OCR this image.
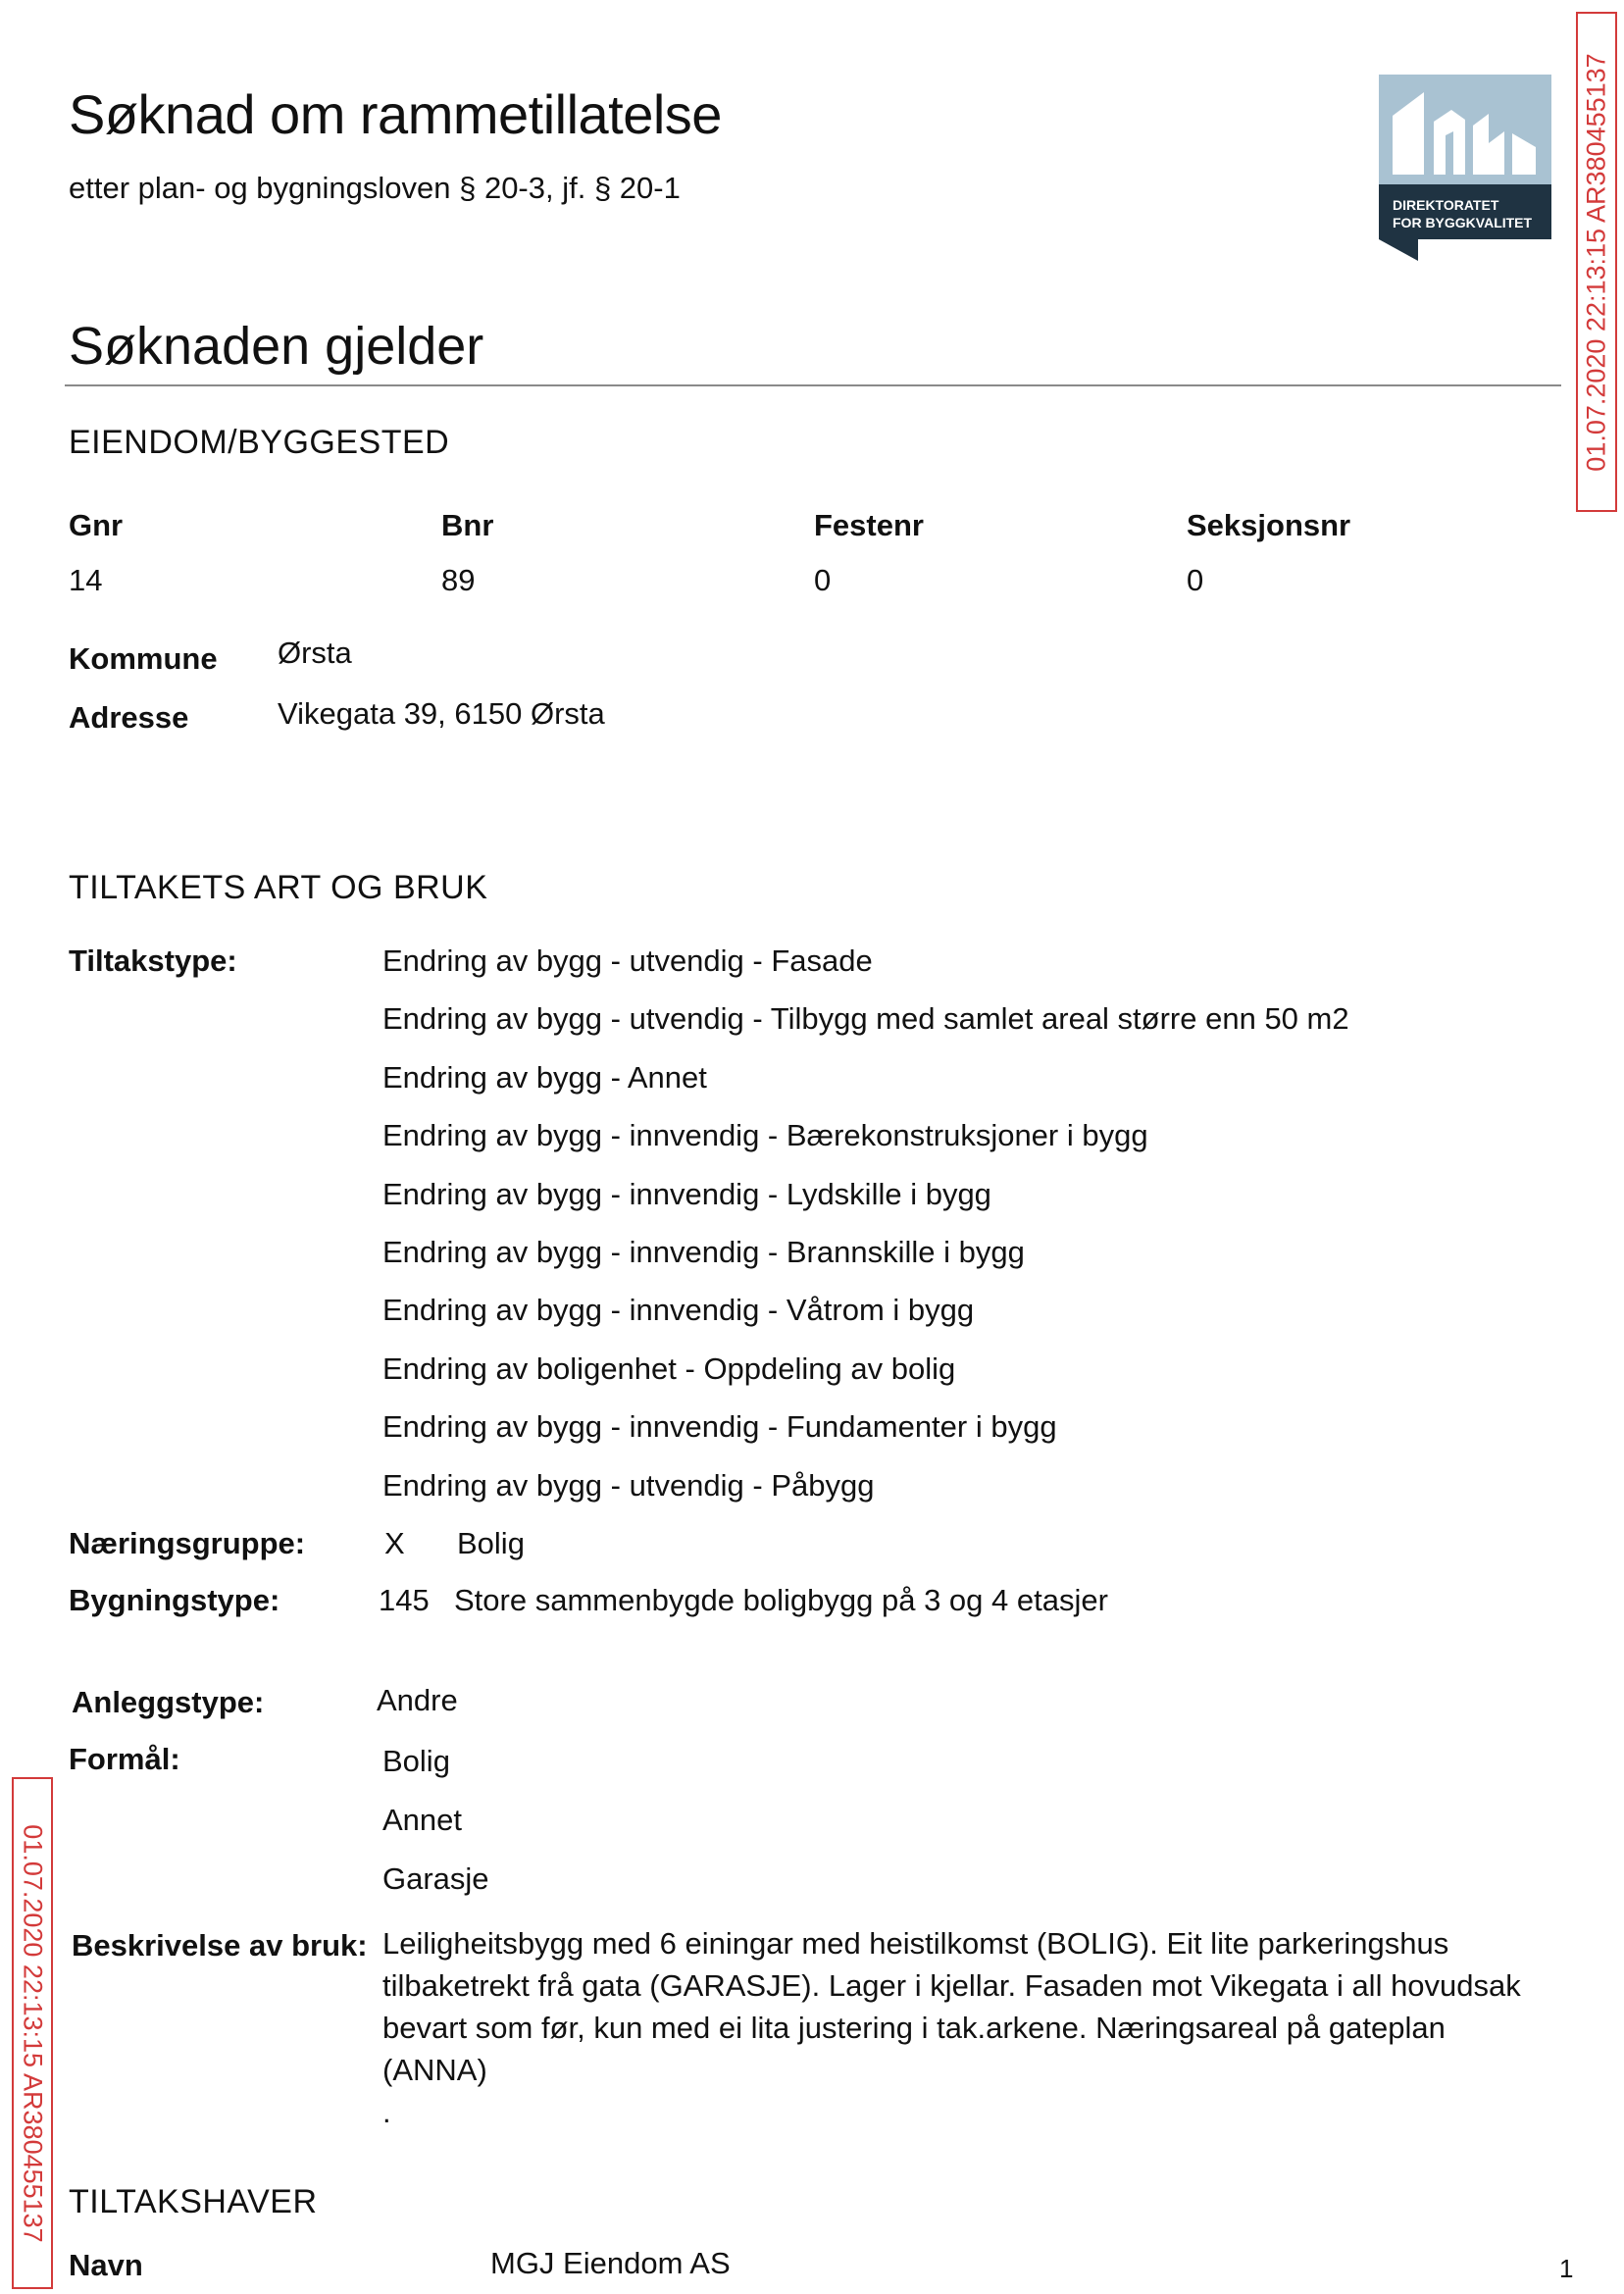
Søknad om rammetillatelse
etter plan- og bygningsloven § 20-3, jf. § 20-1	DIREKTORATET
FOR BYGGKVALITET 01.07.2020 22:13:15 AR380455137
01.07.2020 22:13:15 AR380455137
Søknaden gjelder
EIENDOM/BYGGESTED
Gnr	Bnr	Festenr	Seksjonsnr
14	89	0	0
Kommune Ørsta
Adresse	Vikegata 39, 6150 Ørsta
TILTAKETS ART OG BRUK
Tiltakstype:	Endring av bygg - utvendig - Fasade
Endring av bygg - utvendig - Tilbygg med samlet areal større enn 50 m2
Endring av bygg - Annet
Endring av bygg - innvendig - Bærekonstruksjoner i bygg
Endring av bygg - innvendig - Lydskille i bygg
Endring av bygg - innvendig - Brannskille i bygg
Endring av bygg - innvendig - Våtrom i bygg
Endring av boligenhet - Oppdeling av bolig
Endring av bygg - innvendig - Fundamenter i bygg
Endring av bygg - utvendig - Påbygg
Næringsgruppe:	X Bolig
Bygningstype:	145 Store sammenbygde boligbygg på 3 og 4 etasjer
Anleggstype:	Andre
Formål:	Bolig
Annet
Garasje
Beskrivelse av bruk: Leiligheitsbygg med 6 einingar med heistilkomst (BOLIG). Eit lite parkeringshus
tilbaketrekt frå gata (GARASJE). Lager i kjellar. Fasaden mot Vikegata i all hovudsak
bevart som før, kun med ei lita justering i tak.arkene. Næringsareal på gateplan (ANNA)
.
TILTAKSHAVER
Navn	MGJ Eiendom AS	1
